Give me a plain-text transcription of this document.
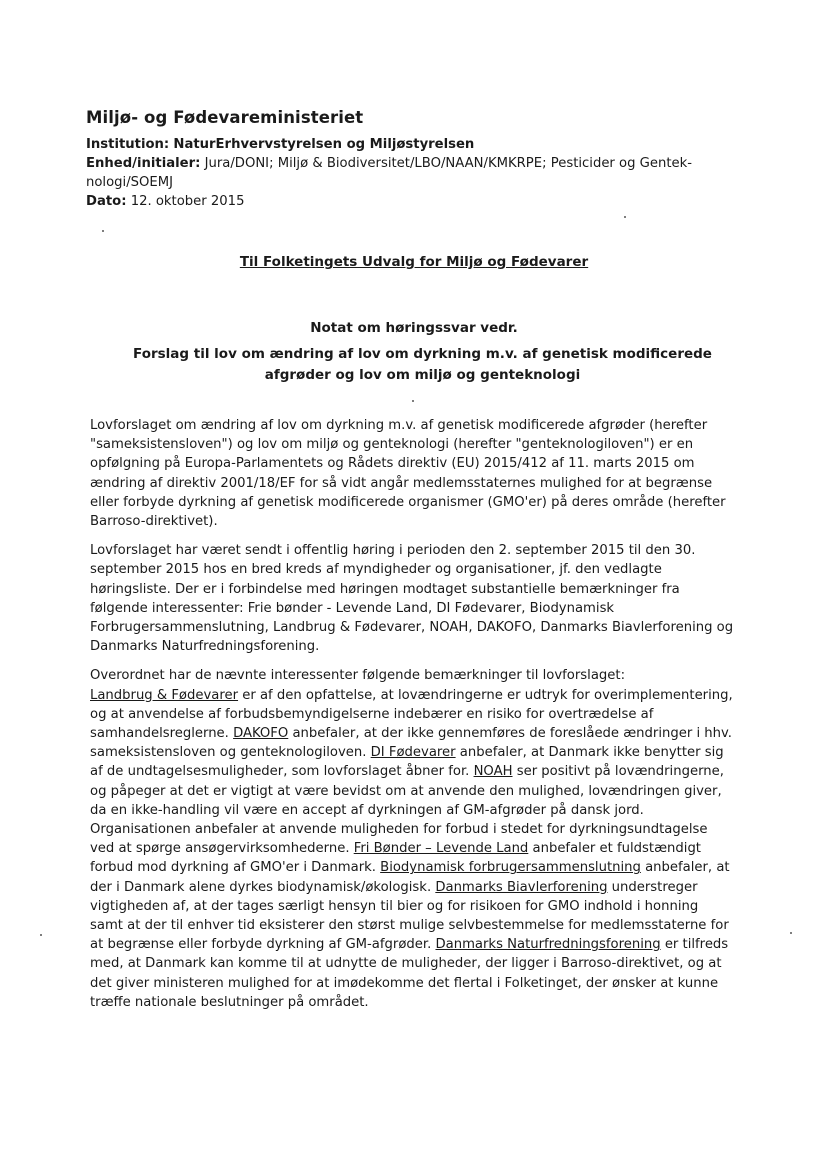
Miljø- og Fødevareministeriet
Institution: NaturErhvervstyrelsen og Miljøstyrelsen
Enhed/initialer: Jura/DONI; Miljø & Biodiversitet/LBO/NAAN/KMKRPE; Pesticider og Gentek-
nologi/SOEMJ
Dato: 12. oktober 2015
Til Folketingets Udvalg for Miljø og Fødevarer
Notat om høringssvar vedr.
Forslag til lov om ændring af lov om dyrkning m.v. af genetisk modificerede afgrøder og lov om miljø og genteknologi

Lovforslaget om ændring af lov om dyrkning m.v. af genetisk modificerede afgrøder (herefter "sameksistensloven") og lov om miljø og genteknologi (herefter "genteknologiloven") er en opfølgning på Europa-Parlamentets og Rådets direktiv (EU) 2015/412 af 11. marts 2015 om ændring af direktiv 2001/18/EF for så vidt angår medlemsstaternes mulighed for at begrænse eller forbyde dyrkning af genetisk modificerede organismer (GMO'er) på deres område (herefter Barroso-direktivet).

Lovforslaget har været sendt i offentlig høring i perioden den 2. september 2015 til den 30. september 2015 hos en bred kreds af myndigheder og organisationer, jf. den vedlagte høringsliste. Der er i forbindelse med høringen modtaget substantielle bemærkninger fra følgende interessenter: Frie bønder - Levende Land, DI Fødevarer, Biodynamisk Forbrugersammenslutning, Landbrug & Fødevarer, NOAH, DAKOFO, Danmarks Biavlerforening og Danmarks Naturfredningsforening.

Overordnet har de nævnte interessenter følgende bemærkninger til lovforslaget:
Landbrug & Fødevarer er af den opfattelse, at lovændringerne er udtryk for overimplementering, og at anvendelse af forbudsbemyndigelserne indebærer en risiko for overtrædelse af samhandelsreglerne. DAKOFO anbefaler, at der ikke gennemføres de foreslåede ændringer i hhv. sameksistensloven og genteknologiloven. DI Fødevarer anbefaler, at Danmark ikke benytter sig af de undtagelsesmuligheder, som lovforslaget åbner for. NOAH ser positivt på lovændringerne, og påpeger at det er vigtigt at være bevidst om at anvende den mulighed, lovændringen giver, da en ikke-handling vil være en accept af dyrkningen af GM-afgrøder på dansk jord. Organisationen anbefaler at anvende muligheden for forbud i stedet for dyrkningsundtagelse ved at spørge ansøgervirksomhederne. Fri Bønder – Levende Land anbefaler et fuldstændigt forbud mod dyrkning af GMO'er i Danmark. Biodynamisk forbrugersammenslutning anbefaler, at der i Danmark alene dyrkes biodynamisk/økologisk. Danmarks Biavlerforening understreger vigtigheden af, at der tages særligt hensyn til bier og for risikoen for GMO indhold i honning samt at der til enhver tid eksisterer den størst mulige selvbestemmelse for medlemsstaterne for at begrænse eller forbyde dyrkning af GM-afgrøder. Danmarks Naturfredningsforening er tilfreds med, at Danmark kan komme til at udnytte de muligheder, der ligger i Barroso-direktivet, og at det giver ministeren mulighed for at imødekomme det flertal i Folketinget, der ønsker at kunne træffe nationale beslutninger på området.
